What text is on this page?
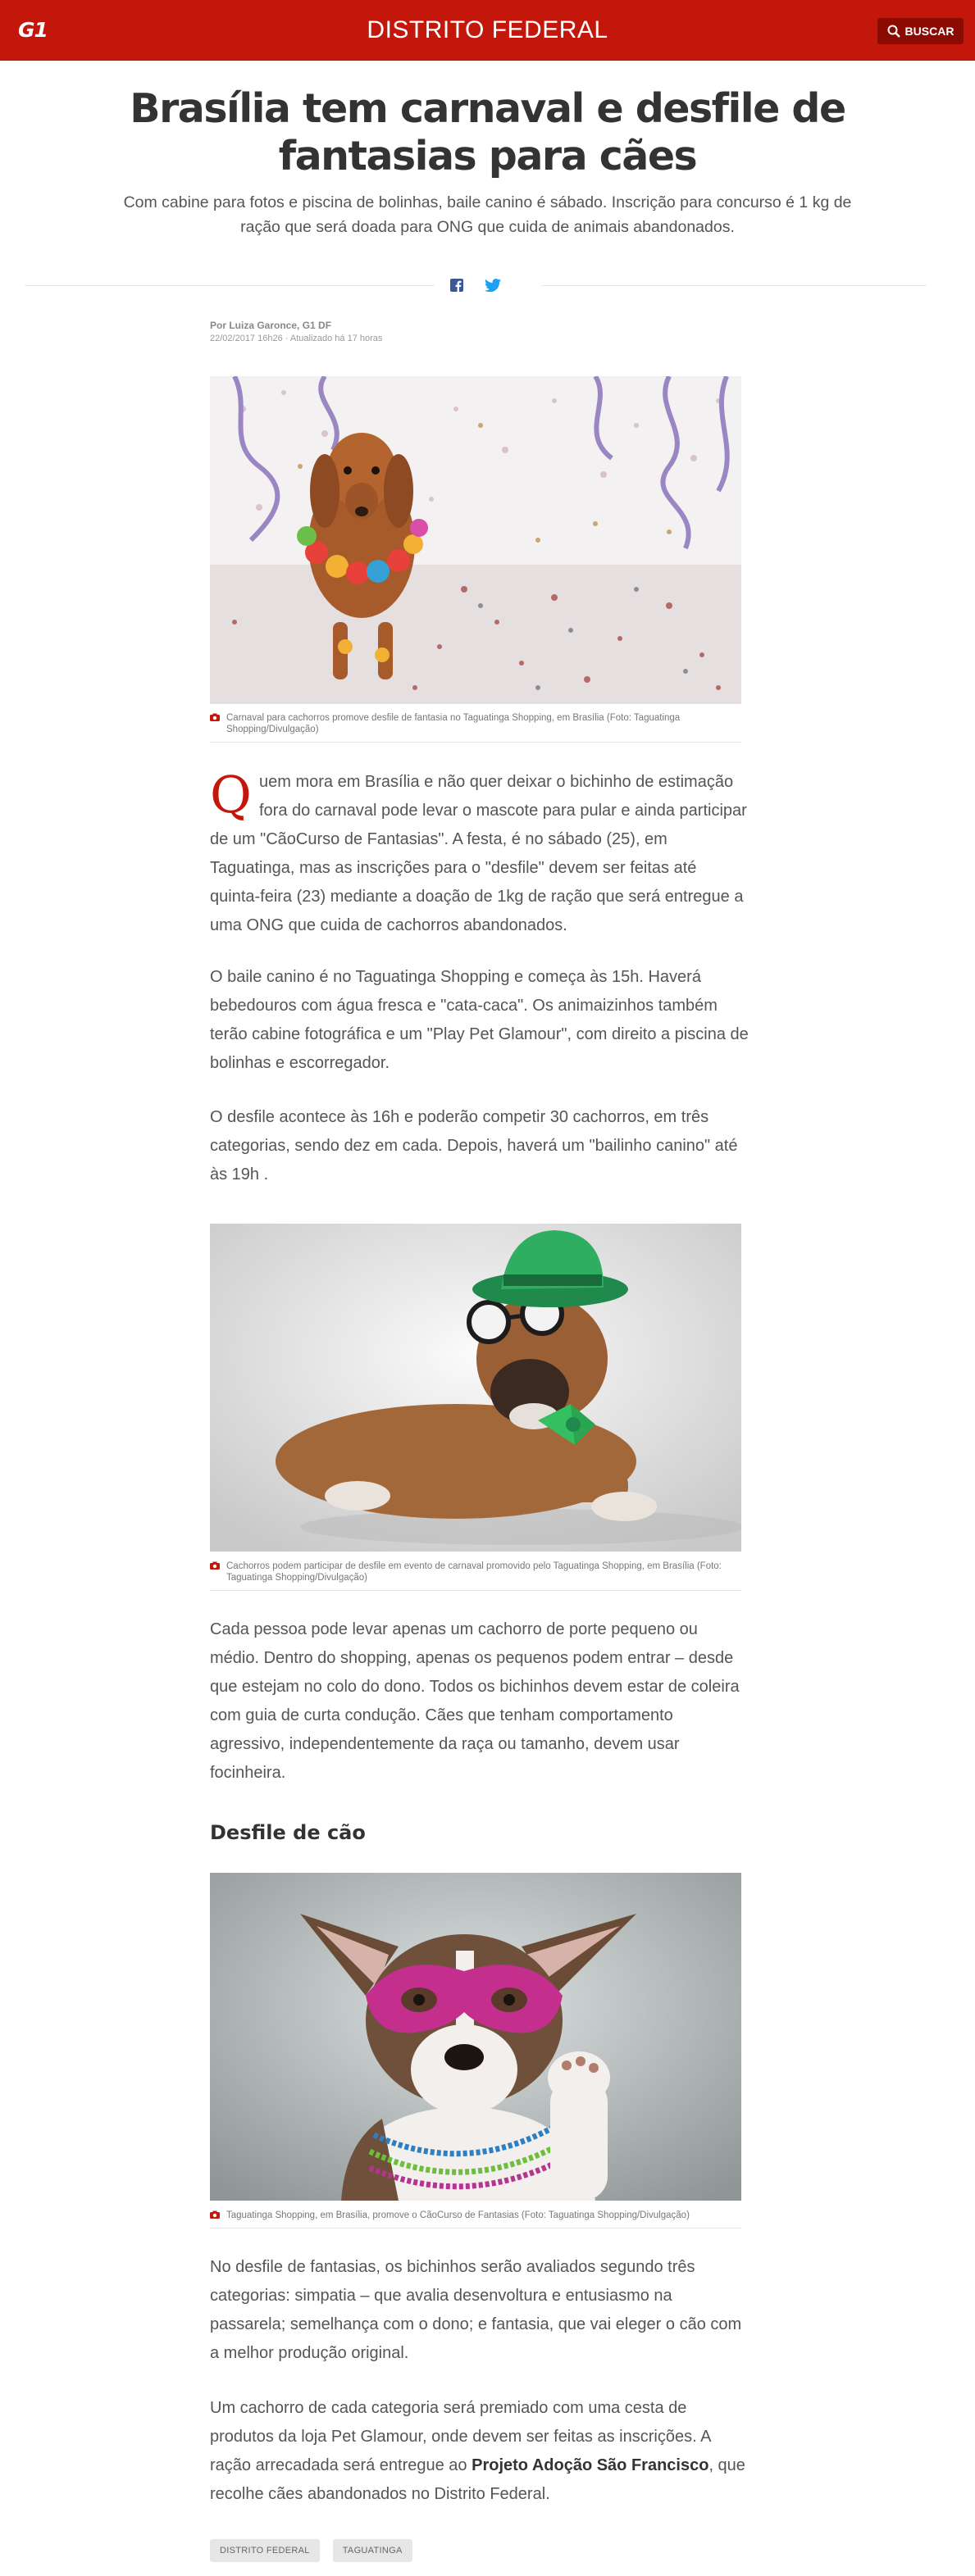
G1	DISTRITO FEDERAL	BUSCAR
Brasília tem carnaval e desfile de fantasias para cães

Com cabine para fotos e piscina de bolinhas, baile canino é sábado. Inscrição para concurso é 1 kg de ração que será doada para ONG que cuida de animais abandonados.

Por Luiza Garonce, G1 DF
22/02/2017 16h26 · Atualizado há 17 horas
Carnaval para cachorros promove desfile de fantasia no Taguatinga Shopping, em Brasília (Foto: Taguatinga Shopping/Divulgação)
Q uem mora em Brasília e não quer deixar o bichinho de estimação
fora do carnaval pode levar o mascote para pular e ainda participar
de um "CãoCurso de Fantasias". A festa, é no sábado (25), em Taguatinga, mas as inscrições para o "desfile" devem ser feitas até quinta-feira (23) mediante a doação de 1kg de ração que será entregue a uma ONG que cuida de cachorros abandonados.
O baile canino é no Taguatinga Shopping e começa às 15h. Haverá bebedouros com água fresca e "cata-caca". Os animaizinhos também terão cabine fotográfica e um "Play Pet Glamour", com direito a piscina de bolinhas e escorregador.
O desfile acontece às 16h e poderão competir 30 cachorros, em três categorias, sendo dez em cada. Depois, haverá um "bailinho canino" até às 19h .
Cachorros podem participar de desfile em evento de carnaval promovido pelo Taguatinga Shopping, em Brasília (Foto: Taguatinga Shopping/Divulgação)
Cada pessoa pode levar apenas um cachorro de porte pequeno ou médio. Dentro do shopping, apenas os pequenos podem entrar – desde que estejam no colo do dono. Todos os bichinhos devem estar de coleira com guia de curta condução. Cães que tenham comportamento agressivo, independentemente da raça ou tamanho, devem usar focinheira.
Desfile de cão
Taguatinga Shopping, em Brasília, promove o CãoCurso de Fantasias (Foto: Taguatinga Shopping/Divulgação)
No desfile de fantasias, os bichinhos serão avaliados segundo três categorias: simpatia – que avalia desenvoltura e entusiasmo na passarela; semelhança com o dono; e fantasia, que vai eleger o cão com a melhor produção original.
Um cachorro de cada categoria será premiado com uma cesta de produtos da loja Pet Glamour, onde devem ser feitas as inscrições. A ração arrecadada será entregue ao Projeto Adoção São Francisco, que recolhe cães abandonados no Distrito Federal.
DISTRITO FEDERAL	TAGUATINGA
